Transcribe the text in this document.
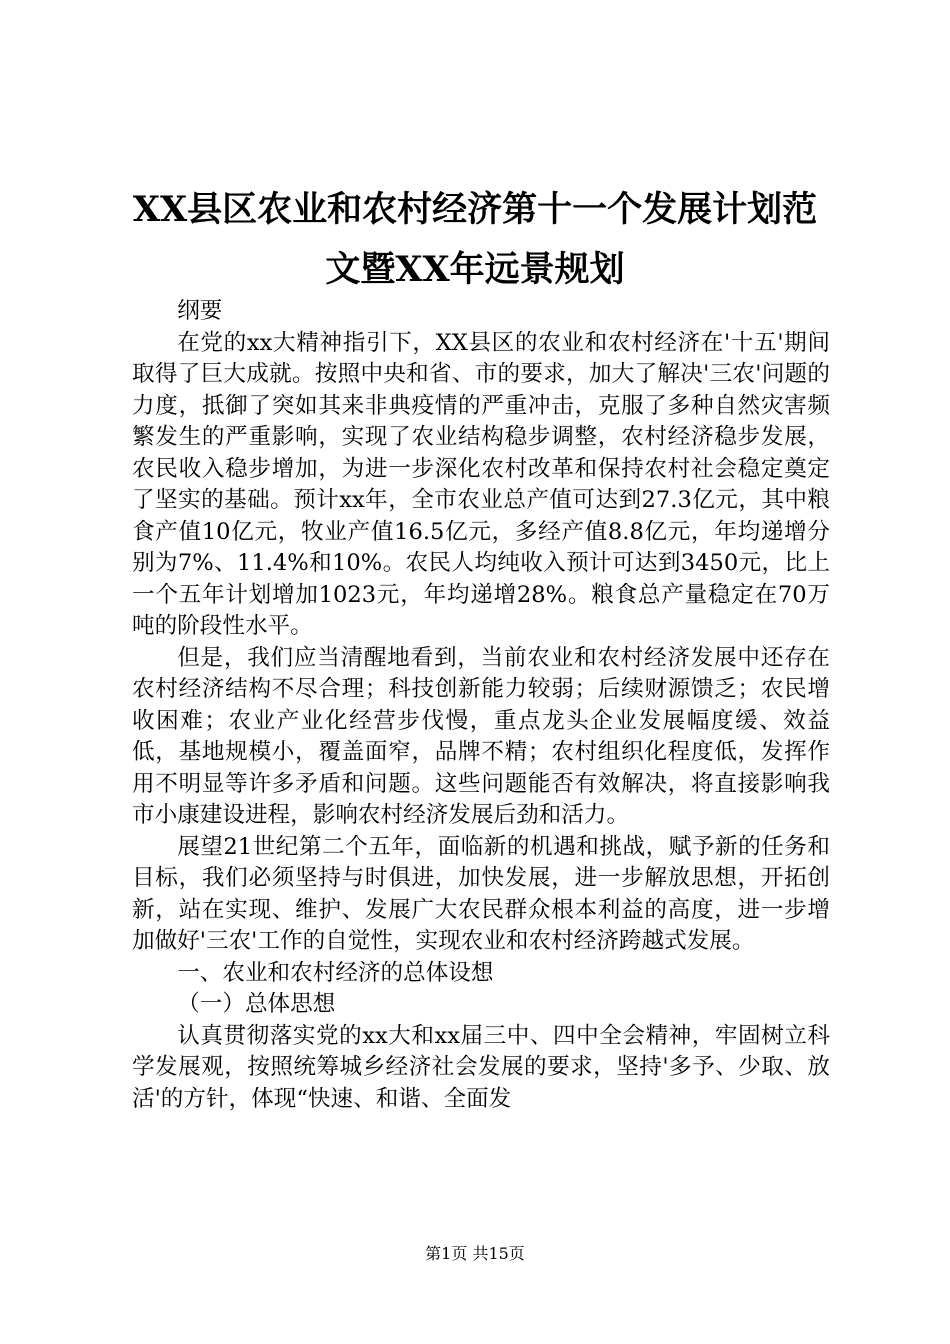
XX县区农业和农村经济第十一个发展计划范
文暨XX年远景规划

纲要

在党的xx大精神指引下，XX县区的农业和农村经济在'十五'期间取得了巨大成就。按照中央和省、市的要求，加大了解决'三农'问题的力度，抵御了突如其来非典疫情的严重冲击，克服了多种自然灾害频繁发生的严重影响，实现了农业结构稳步调整，农村经济稳步发展，农民收入稳步增加，为进一步深化农村改革和保持农村社会稳定奠定了坚实的基础。预计xx年，全市农业总产值可达到27.3亿元，其中粮食产值10亿元，牧业产值16.5亿元，多经产值8.8亿元，年均递增分别为7%、11.4%和10%。农民人均纯收入预计可达到3450元，比上一个五年计划增加1023元，年均递增28%。粮食总产量稳定在70万吨的阶段性水平。

但是，我们应当清醒地看到，当前农业和农村经济发展中还存在农村经济结构不尽合理；科技创新能力较弱；后续财源馈乏；农民增收困难；农业产业化经营步伐慢，重点龙头企业发展幅度缓、效益低，基地规模小，覆盖面窄，品牌不精；农村组织化程度低，发挥作用不明显等许多矛盾和问题。这些问题能否有效解决，将直接影响我市小康建设进程，影响农村经济发展后劲和活力。

展望21世纪第二个五年，面临新的机遇和挑战，赋予新的任务和目标，我们必须坚持与时俱进，加快发展，进一步解放思想，开拓创新，站在实现、维护、发展广大农民群众根本利益的高度，进一步增加做好'三农'工作的自觉性，实现农业和农村经济跨越式发展。

一、农业和农村经济的总体设想

（一）总体思想

认真贯彻落实党的xx大和xx届三中、四中全会精神，牢固树立科学发展观，按照统筹城乡经济社会发展的要求，坚持'多予、少取、放活'的方针，体现“快速、和谐、全面发

第1页 共15页
